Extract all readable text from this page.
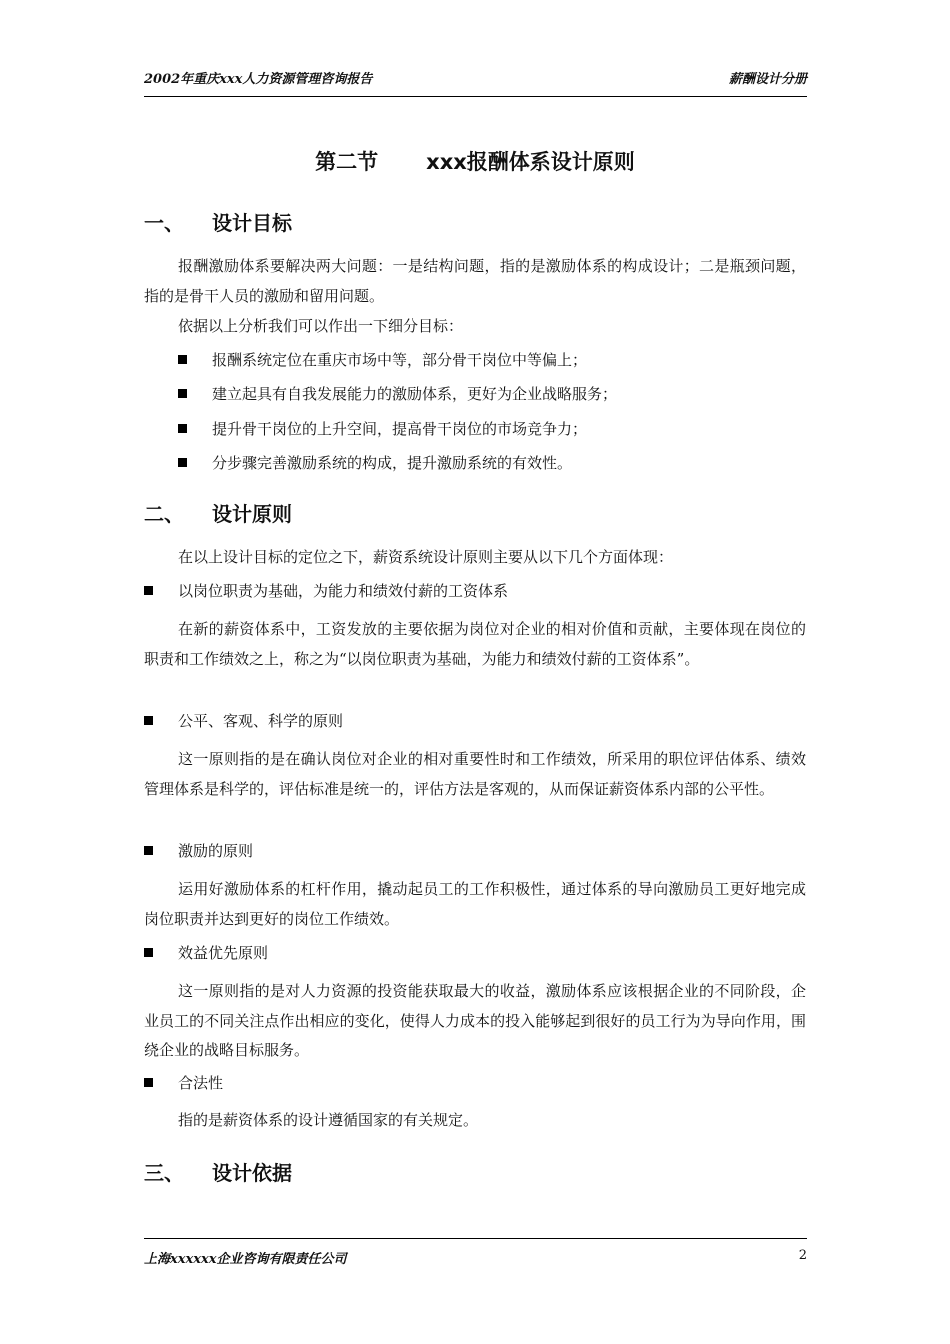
2002年重庆xxx人力资源管理咨询报告	薪酬设计分册
第二节 xxx报酬体系设计原则
一、 设计目标
报酬激励体系要解决两大问题：一是结构问题，指的是激励体系的构成设计；二是瓶颈问题，指的是骨干人员的激励和留用问题。
依据以上分析我们可以作出一下细分目标：
报酬系统定位在重庆市场中等，部分骨干岗位中等偏上；
建立起具有自我发展能力的激励体系，更好为企业战略服务；
提升骨干岗位的上升空间，提高骨干岗位的市场竞争力；
分步骤完善激励系统的构成，提升激励系统的有效性。
二、 设计原则
在以上设计目标的定位之下，薪资系统设计原则主要从以下几个方面体现：
以岗位职责为基础，为能力和绩效付薪的工资体系
在新的薪资体系中，工资发放的主要依据为岗位对企业的相对价值和贡献，主要体现在岗位的职责和工作绩效之上，称之为“以岗位职责为基础，为能力和绩效付薪的工资体系”。
公平、客观、科学的原则
这一原则指的是在确认岗位对企业的相对重要性时和工作绩效，所采用的职位评估体系、绩效管理体系是科学的，评估标准是统一的，评估方法是客观的，从而保证薪资体系内部的公平性。
激励的原则
运用好激励体系的杠杆作用，撬动起员工的工作积极性，通过体系的导向激励员工更好地完成岗位职责并达到更好的岗位工作绩效。
效益优先原则
这一原则指的是对人力资源的投资能获取最大的收益，激励体系应该根据企业的不同阶段，企业员工的不同关注点作出相应的变化，使得人力成本的投入能够起到很好的员工行为为导向作用，围绕企业的战略目标服务。
合法性
指的是薪资体系的设计遵循国家的有关规定。
三、 设计依据
上海xxxxxx企业咨询有限责任公司	2
